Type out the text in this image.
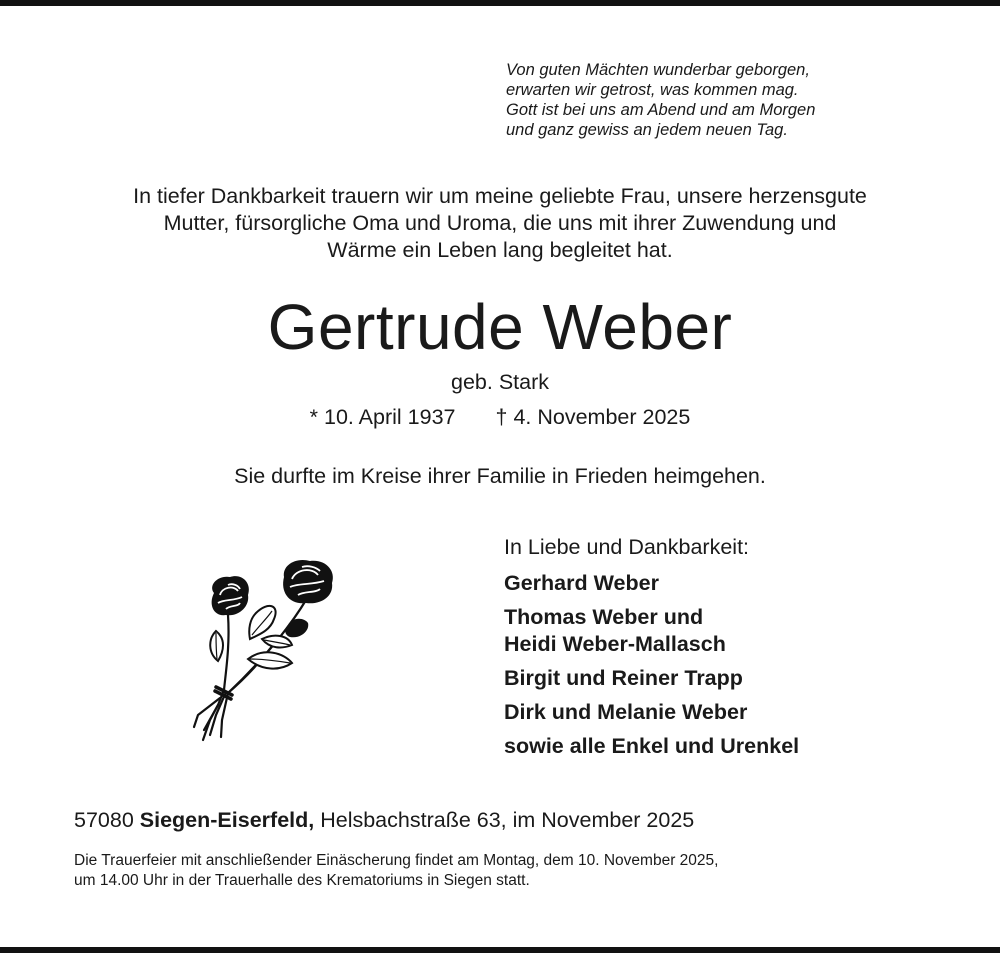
Von guten Mächten wunderbar geborgen,
erwarten wir getrost, was kommen mag.
Gott ist bei uns am Abend und am Morgen
und ganz gewiss an jedem neuen Tag.
In tiefer Dankbarkeit trauern wir um meine geliebte Frau, unsere herzensgute
Mutter, fürsorgliche Oma und Uroma, die uns mit ihrer Zuwendung und
Wärme ein Leben lang begleitet hat.
Gertrude Weber
geb. Stark
* 10. April 1937 † 4. November 2025
Sie durfte im Kreise ihrer Familie in Frieden heimgehen.
In Liebe und Dankbarkeit:
Gerhard Weber
Thomas Weber und
Heidi Weber-Mallasch
Birgit und Reiner Trapp
Dirk und Melanie Weber
sowie alle Enkel und Urenkel
57080 Siegen-Eiserfeld, Helsbachstraße 63, im November 2025
Die Trauerfeier mit anschließender Einäscherung findet am Montag, dem 10. November 2025,
um 14.00 Uhr in der Trauerhalle des Krematoriums in Siegen statt.
